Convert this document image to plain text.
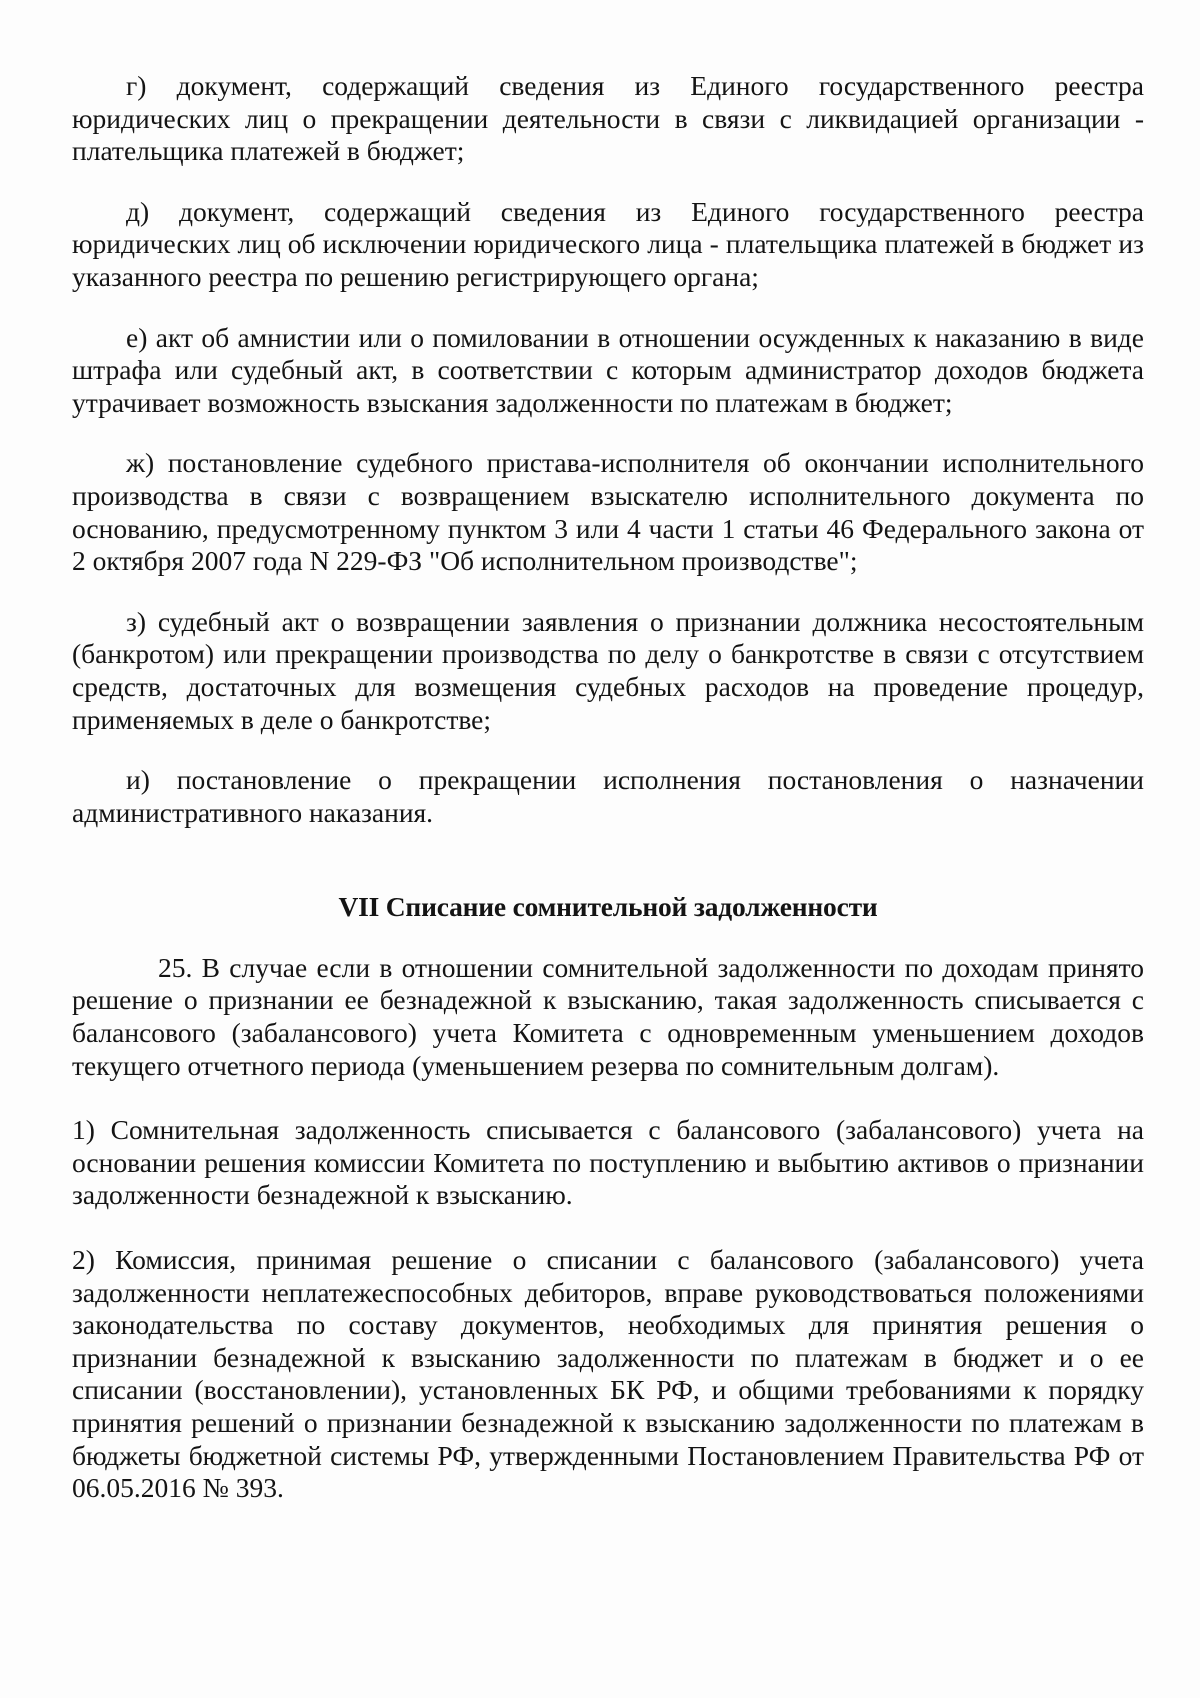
г) документ, содержащий сведения из Единого государственного реестра юридических лиц о прекращении деятельности в связи с ликвидацией организации - плательщика платежей в бюджет;

д) документ, содержащий сведения из Единого государственного реестра юридических лиц об исключении юридического лица - плательщика платежей в бюджет из указанного реестра по решению регистрирующего органа;

е) акт об амнистии или о помиловании в отношении осужденных к наказанию в виде штрафа или судебный акт, в соответствии с которым администратор доходов бюджета утрачивает возможность взыскания задолженности по платежам в бюджет;

ж) постановление судебного пристава-исполнителя об окончании исполнительного производства в связи с возвращением взыскателю исполнительного документа по основанию, предусмотренному пунктом 3 или 4 части 1 статьи 46 Федерального закона от 2 октября 2007 года N 229-ФЗ "Об исполнительном производстве";

з) судебный акт о возвращении заявления о признании должника несостоятельным (банкротом) или прекращении производства по делу о банкротстве в связи с отсутствием средств, достаточных для возмещения судебных расходов на проведение процедур, применяемых в деле о банкротстве;

и) постановление о прекращении исполнения постановления о назначении административного наказания.

VII Списание сомнительной задолженности

25. В случае если в отношении сомнительной задолженности по доходам принято решение о признании ее безнадежной к взысканию, такая задолженность списывается с балансового (забалансового) учета Комитета с одновременным уменьшением доходов текущего отчетного периода (уменьшением резерва по сомнительным долгам).

1) Сомнительная задолженность списывается с балансового (забалансового) учета на основании решения комиссии Комитета по поступлению и выбытию активов о признании задолженности безнадежной к взысканию.

2) Комиссия, принимая решение о списании с балансового (забалансового) учета задолженности неплатежеспособных дебиторов, вправе руководствоваться положениями законодательства по составу документов, необходимых для принятия решения о признании безнадежной к взысканию задолженности по платежам в бюджет и о ее списании (восстановлении), установленных БК РФ, и общими требованиями к порядку принятия решений о признании безнадежной к взысканию задолженности по платежам в бюджеты бюджетной системы РФ, утвержденными Постановлением Правительства РФ от 06.05.2016 № 393.
